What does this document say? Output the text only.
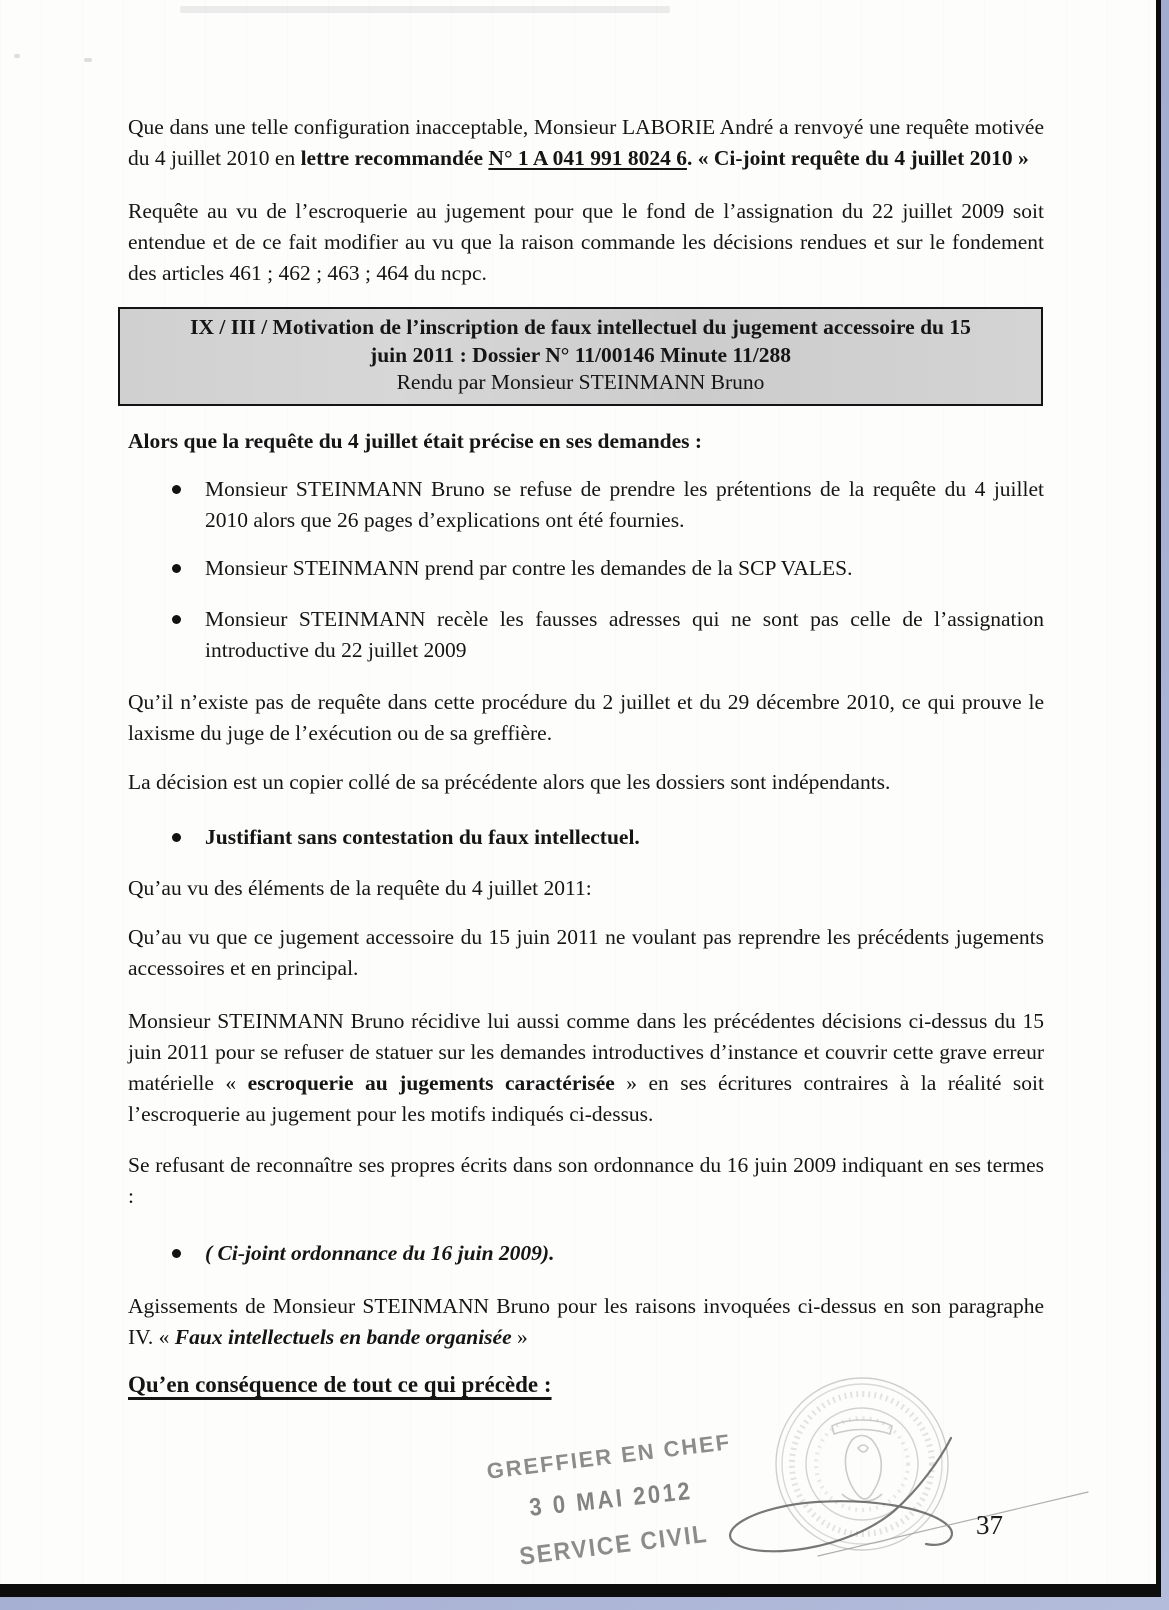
Que dans une telle configuration inacceptable, Monsieur LABORIE André a renvoyé une requête motivée du 4 juillet 2010 en lettre recommandée N° 1 A 041 991 8024 6. « Ci-joint requête du 4 juillet 2010 »

Requête au vu de l’escroquerie au jugement pour que le fond de l’assignation du 22 juillet 2009 soit entendue et de ce fait modifier au vu que la raison commande les décisions rendues et sur le fondement des articles 461 ; 462 ; 463 ; 464 du ncpc.

IX / III / Motivation de l’inscription de faux intellectuel du jugement accessoire du 15
juin 2011 : Dossier N° 11/00146 Minute 11/288
Rendu par Monsieur STEINMANN Bruno

Alors que la requête du 4 juillet était précise en ses demandes :

Monsieur STEINMANN Bruno se refuse de prendre les prétentions de la requête du 4 juillet 2010 alors que 26 pages d’explications ont été fournies.
Monsieur STEINMANN prend par contre les demandes de la SCP VALES.
Monsieur STEINMANN recèle les fausses adresses qui ne sont pas celle de l’assignation introductive du 22 juillet 2009

Qu’il n’existe pas de requête dans cette procédure du 2 juillet et du 29 décembre 2010, ce qui prouve le laxisme du juge de l’exécution ou de sa greffière.

La décision est un copier collé de sa précédente alors que les dossiers sont indépendants.

Justifiant sans contestation du faux intellectuel.

Qu’au vu des éléments de la requête du 4 juillet 2011:

Qu’au vu que ce jugement accessoire du 15 juin 2011 ne voulant pas reprendre les précédents jugements accessoires et en principal.

Monsieur STEINMANN Bruno récidive lui aussi comme dans les précédentes décisions ci-dessus du 15 juin 2011 pour se refuser de statuer sur les demandes introductives d’instance et couvrir cette grave erreur matérielle « escroquerie au jugements caractérisée » en ses écritures contraires à la réalité soit l’escroquerie au jugement pour les motifs indiqués ci-dessus.

Se refusant de reconnaître ses propres écrits dans son ordonnance du 16 juin 2009 indiquant en ses termes :

( Ci-joint ordonnance du 16 juin 2009).

Agissements de Monsieur STEINMANN Bruno pour les raisons invoquées ci-dessus en son paragraphe IV. « Faux intellectuels en bande organisée »

Qu’en conséquence de tout ce qui précède :

GREFFIER EN CHEF
3 0 MAI 2012
SERVICE CIVIL	37
